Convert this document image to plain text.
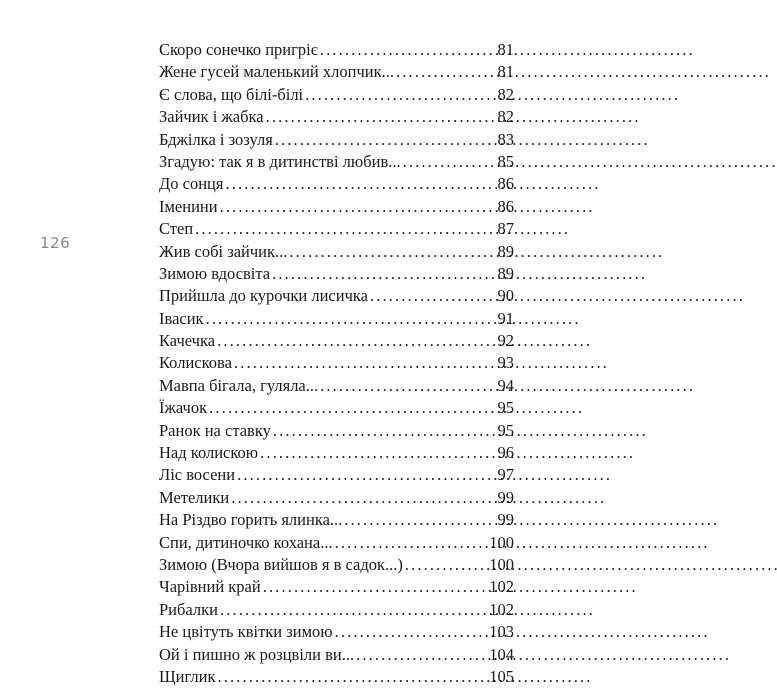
126
Скоро сонечко пригріє . . .	81
Жене гусей маленький хлопчик... . . .	81
Є слова, що білі-білі . . .	82
Зайчик і жабка . . .	82
Бджілка і зозуля . . .	83
Згадую: так я в дитинстві любив... . . .	85
До сонця . . .	86
Іменини . . .	86
Степ . . .	87
Жив собі зайчик... . . .	89
Зимою вдосвіта . . .	89
Прийшла до курочки лисичка . . .	90
Івасик . . .	91
Качечка . . .	92
Колискова . . .	93
Мавпа бігала, гуляла... . . .	94
Їжачок . . .	95
Ранок на ставку . . .	95
Над колискою . . .	96
Ліс восени . . .	97
Метелики . . .	99
На Різдво горить ялинка... . . .	99
Спи, дитиночко кохана... . . .	100
Зимою (Вчора вийшов я в садок...) . . .	100
Чарівний край . . .	102
Рибалки . . .	102
Не цвітуть квітки зимою . . .	103
Ой і пишно ж розцвіли ви... . . .	104
Щиглик . . .	105
